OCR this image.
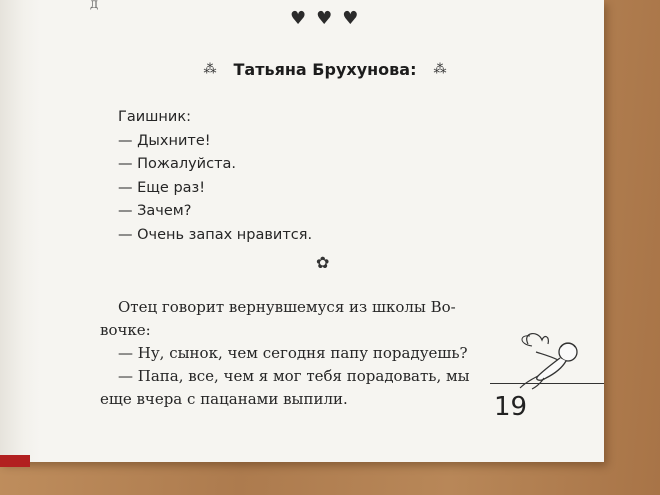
Д
♥♥♥
⁂	Татьяна Брухунова:	⁂
Гаишник:
— Дыхните!
— Пожалуйста.
— Еще раз!
— Зачем?
— Очень запах нравится.
✿
Отец говорит вернувшемуся из школы Во-
вочке:
— Ну, сынок, чем сегодня папу порадуешь?
— Папа, все, чем я мог тебя порадовать, мы
еще вчера с пацанами выпили.	19
